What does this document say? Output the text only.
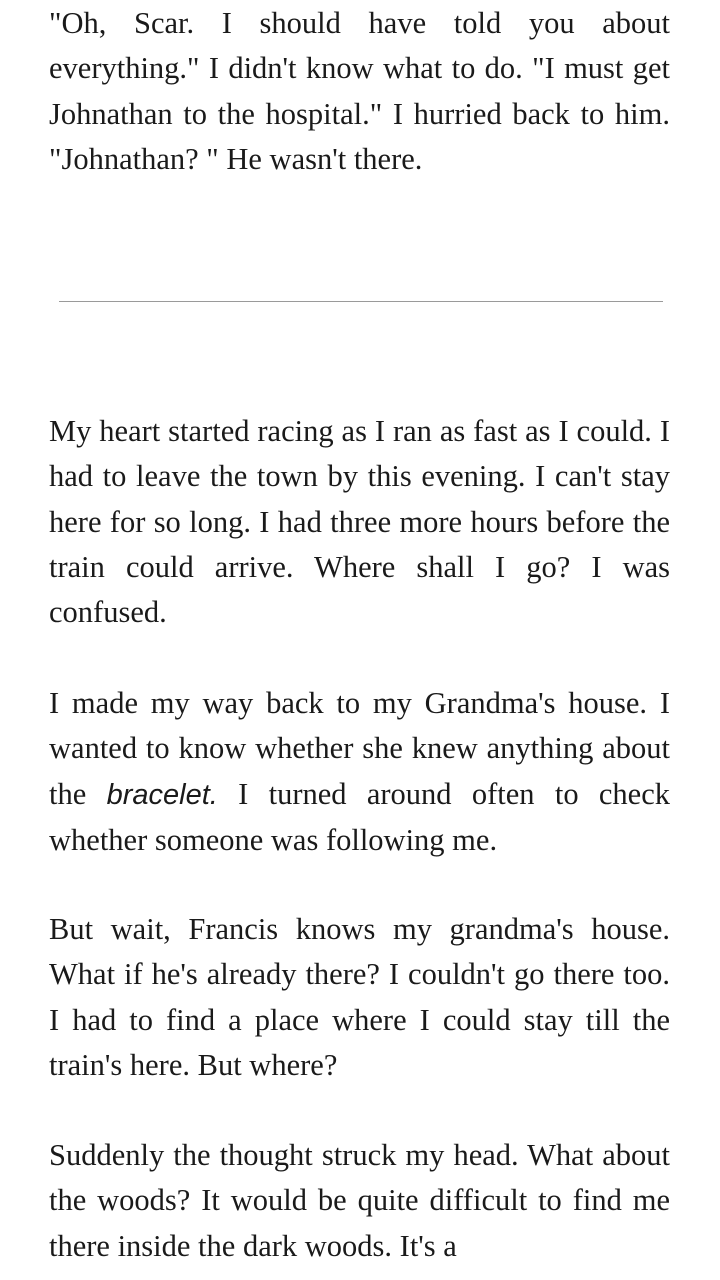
"Oh, Scar. I should have told you about everything." I didn't know what to do. "I must get Johnathan to the hospital." I hurried back to him. "Johnathan? " He wasn't there.

My heart started racing as I ran as fast as I could. I had to leave the town by this evening. I can't stay here for so long. I had three more hours before the train could arrive. Where shall I go? I was confused.

I made my way back to my Grandma's house. I wanted to know whether she knew anything about the bracelet. I turned around often to check whether someone was following me.

But wait, Francis knows my grandma's house. What if he's already there? I couldn't go there too. I had to find a place where I could stay till the train's here. But where?

Suddenly the thought struck my head. What about the woods? It would be quite difficult to find me there inside the dark woods. It's a
